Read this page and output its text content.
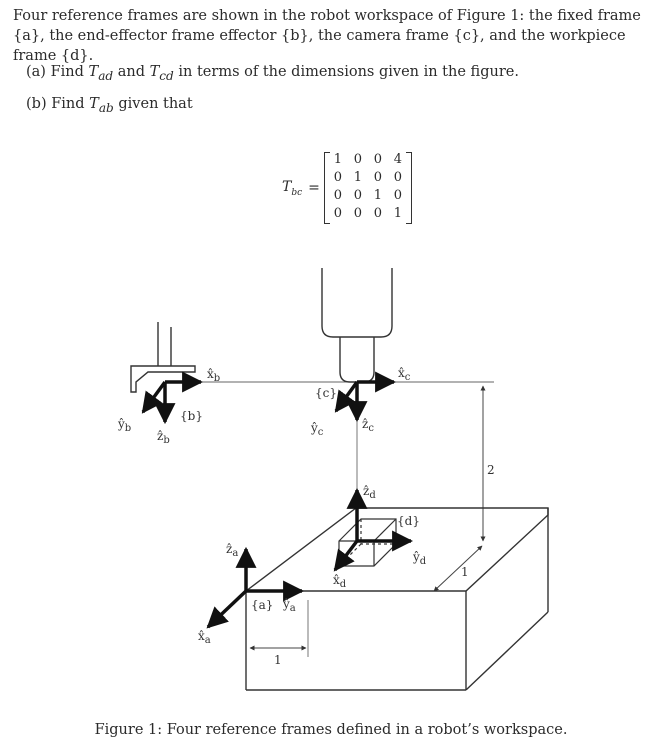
Four reference frames are shown in the robot workspace of Figure 1: the fixed frame {a}, the end-effector frame effector {b}, the camera frame {c}, and the workpiece frame {d}.
(a) Find $T_{ad}$ and $T_{cd}$ in terms of the dimensions given in the figure.
(b) Find $T_{ab}$ given that
$T_{bc}$ =
1 0 0 4
0 1 0 0
0 0 1 0
0 0 0 1
$x̂_b$
$ŷ_b$
ẑ$_b$
{b}
$x̂_c$
$ŷ_c$
ẑ$_c$
{c}
2
ẑ$_d$
{d}
$ŷ_d$
$x̂_d$
1
ẑ$_a$
{a} $ŷ_a$
$x̂_a$
1
Figure 1: Four reference frames defined in a robot’s workspace.
